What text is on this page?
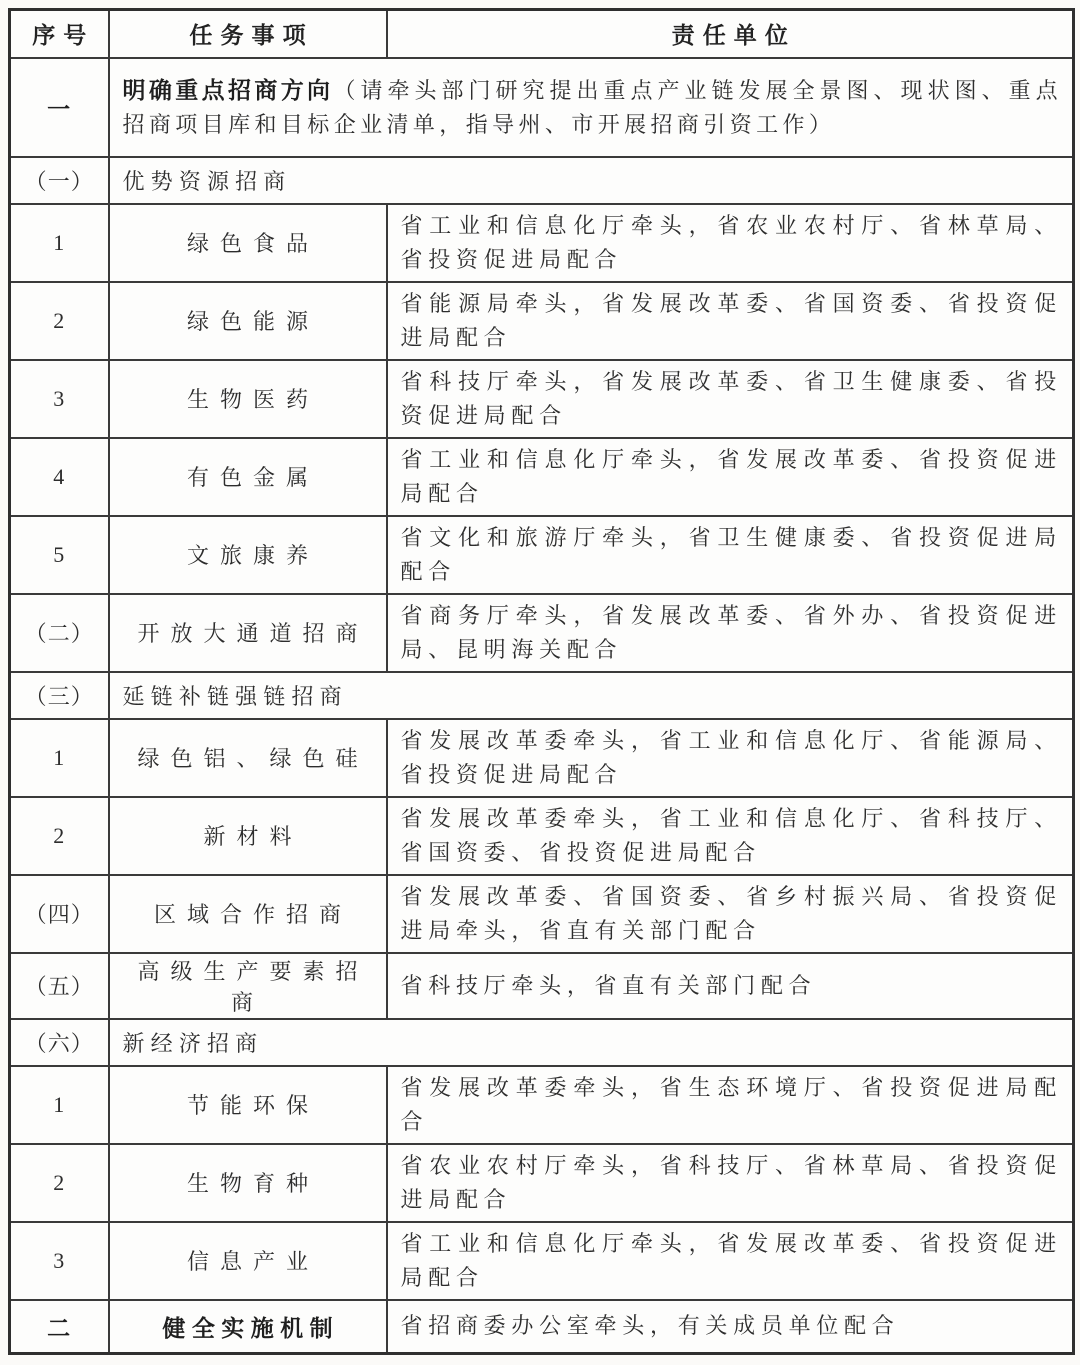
序号	任务事项	责任单位
一	明确重点招商方向（请牵头部门研究提出重点产业链发展全景图、现状图、重点招商项目库和目标企业清单，指导州、市开展招商引资工作）	
（一）	优势资源招商	
1	绿色食品	省工业和信息化厅牵头，省农业农村厅、省林草局、省投资促进局配合
2	绿色能源	省能源局牵头，省发展改革委、省国资委、省投资促进局配合
3	生物医药	省科技厅牵头，省发展改革委、省卫生健康委、省投资促进局配合
4	有色金属	省工业和信息化厅牵头，省发展改革委、省投资促进局配合
5	文旅康养	省文化和旅游厅牵头，省卫生健康委、省投资促进局配合
（二）	开放大通道招商	省商务厅牵头，省发展改革委、省外办、省投资促进局、昆明海关配合
（三）	延链补链强链招商	
1	绿色铝、绿色硅	省发展改革委牵头，省工业和信息化厅、省能源局、省投资促进局配合
2	新材料	省发展改革委牵头，省工业和信息化厅、省科技厅、省国资委、省投资促进局配合
（四）	区域合作招商	省发展改革委、省国资委、省乡村振兴局、省投资促进局牵头，省直有关部门配合
（五）	高级生产要素招商	省科技厅牵头，省直有关部门配合
（六）	新经济招商	
1	节能环保	省发展改革委牵头，省生态环境厅、省投资促进局配合
2	生物育种	省农业农村厅牵头，省科技厅、省林草局、省投资促进局配合
3	信息产业	省工业和信息化厅牵头，省发展改革委、省投资促进局配合
二	健全实施机制	省招商委办公室牵头，有关成员单位配合
